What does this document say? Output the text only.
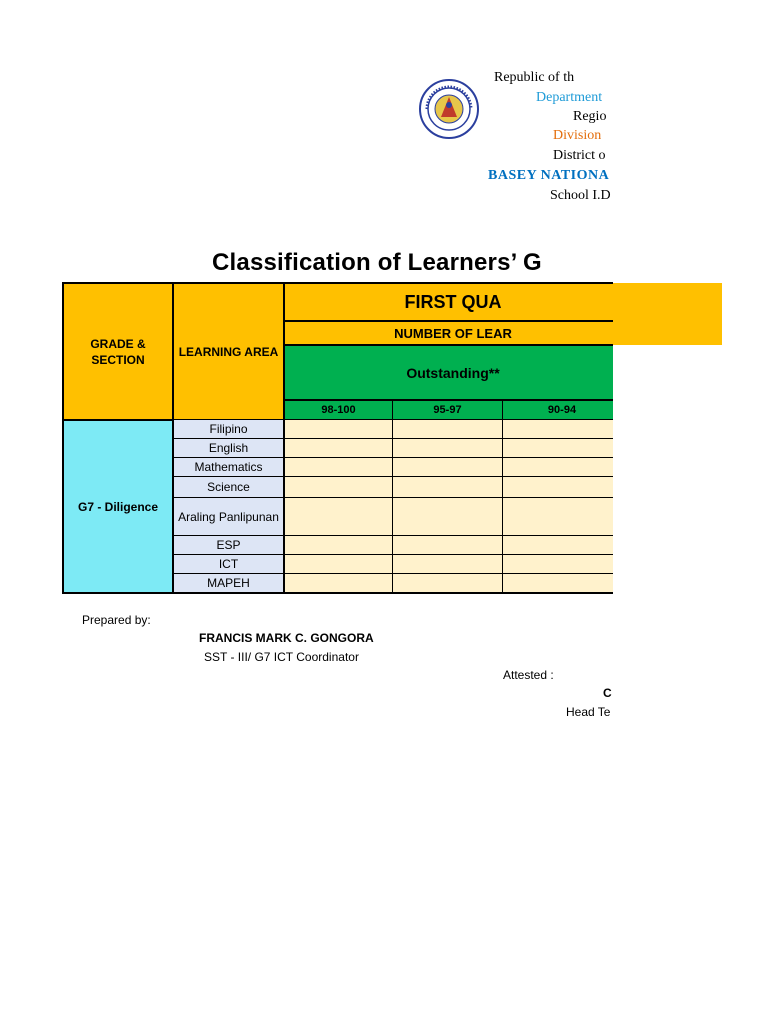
Republic of th
Department
Regio
Division
District o
BASEY NATIONA
School I.D
Classification of Learners’ G
GRADE & SECTION
LEARNING AREA
FIRST QUA
NUMBER OF LEAR
Outstanding**
98-100	95-97	90-94
G7 - Diligence
Filipino
English
Mathematics
Science
Araling Panlipunan
ESP
ICT
MAPEH
Prepared by:
FRANCIS MARK C. GONGORA
SST - III/ G7 ICT Coordinator
Attested :
C
Head Te
